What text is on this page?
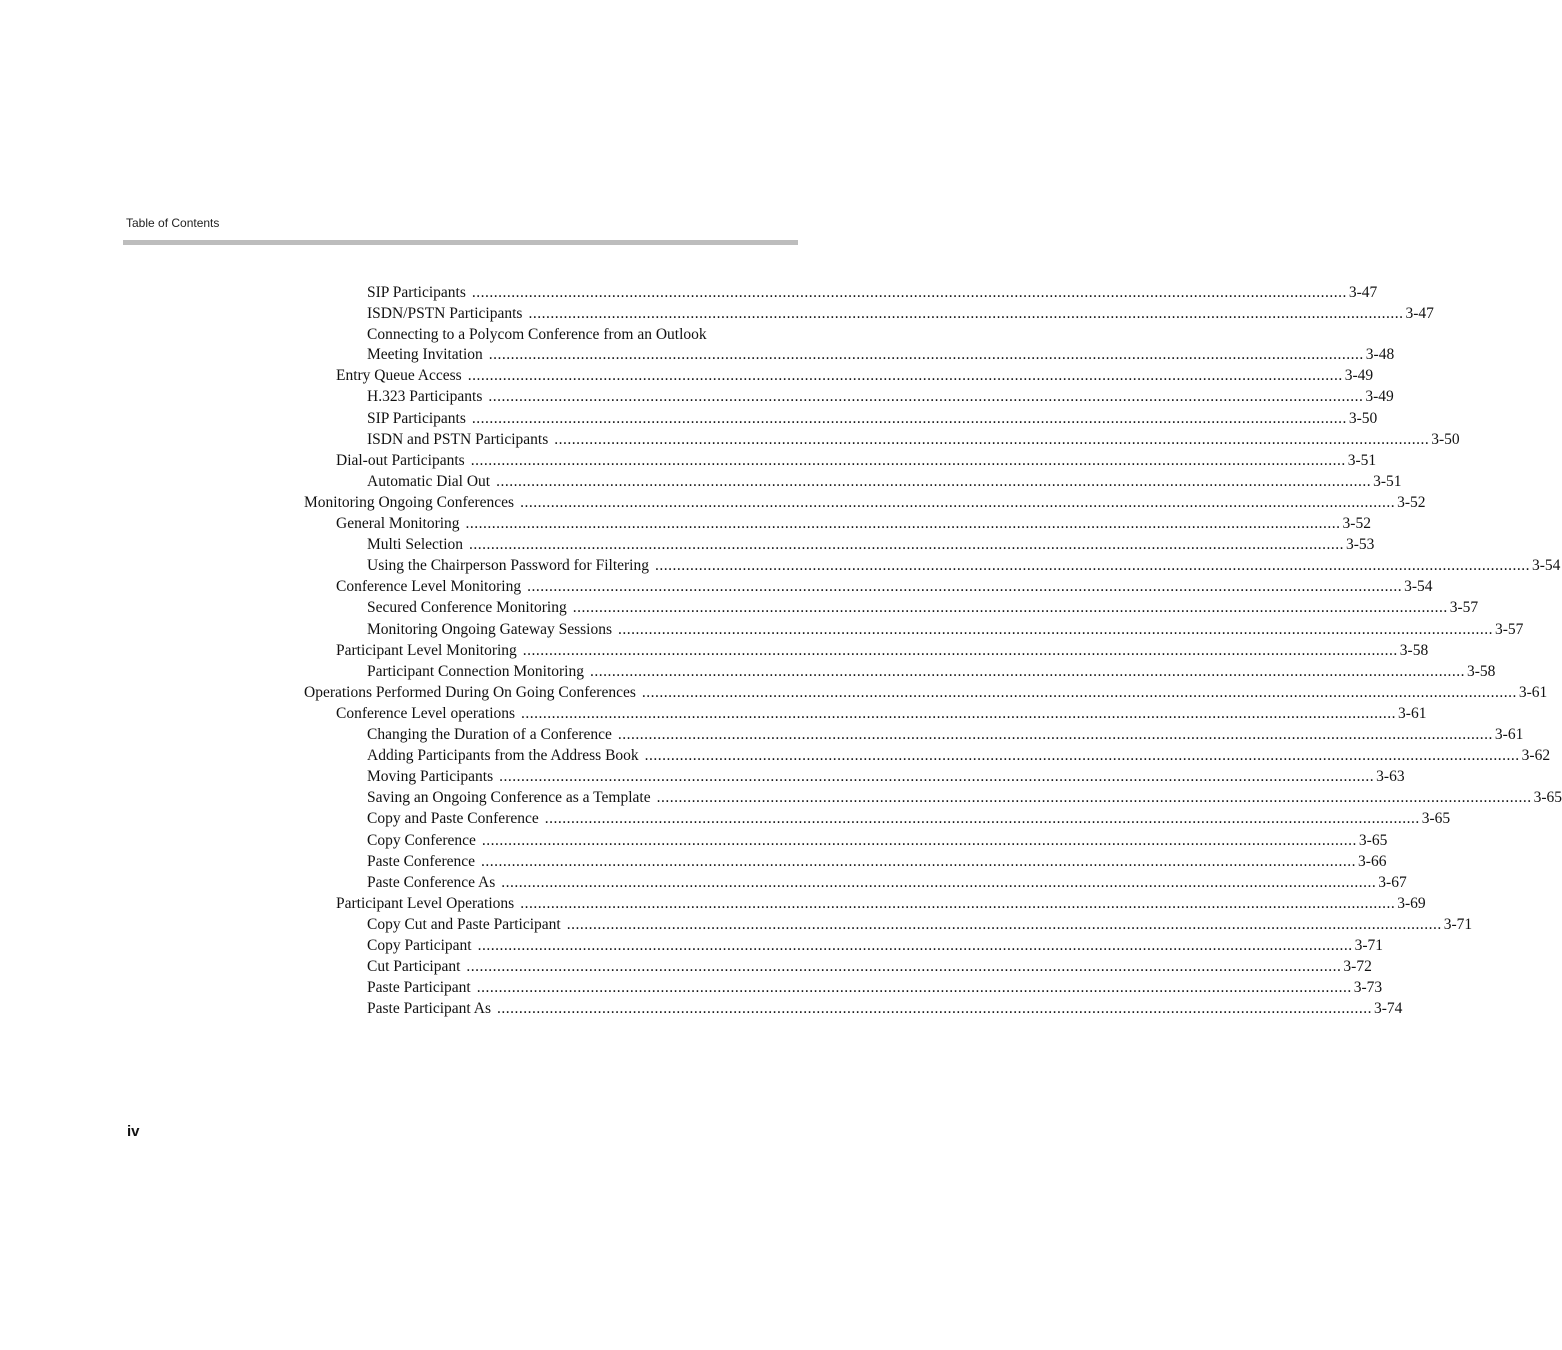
Table of Contents
SIP Participants ........................................................................................................................................................................................................ 3-47
ISDN/PSTN Participants ........................................................................................................................................................................................................ 3-47
Connecting to a Polycom Conference from an Outlook
Meeting Invitation ........................................................................................................................................................................................................ 3-48
Entry Queue Access ........................................................................................................................................................................................................ 3-49
H.323 Participants ........................................................................................................................................................................................................ 3-49
SIP Participants ........................................................................................................................................................................................................ 3-50
ISDN and PSTN Participants ........................................................................................................................................................................................................ 3-50
Dial-out Participants ........................................................................................................................................................................................................ 3-51
Automatic Dial Out ........................................................................................................................................................................................................ 3-51
Monitoring Ongoing Conferences ........................................................................................................................................................................................................ 3-52
General Monitoring ........................................................................................................................................................................................................ 3-52
Multi Selection ........................................................................................................................................................................................................ 3-53
Using the Chairperson Password for Filtering ........................................................................................................................................................................................................ 3-54
Conference Level Monitoring ........................................................................................................................................................................................................ 3-54
Secured Conference Monitoring ........................................................................................................................................................................................................ 3-57
Monitoring Ongoing Gateway Sessions ........................................................................................................................................................................................................ 3-57
Participant Level Monitoring ........................................................................................................................................................................................................ 3-58
Participant Connection Monitoring ........................................................................................................................................................................................................ 3-58
Operations Performed During On Going Conferences ........................................................................................................................................................................................................ 3-61
Conference Level operations ........................................................................................................................................................................................................ 3-61
Changing the Duration of a Conference ........................................................................................................................................................................................................ 3-61
Adding Participants from the Address Book ........................................................................................................................................................................................................ 3-62
Moving Participants ........................................................................................................................................................................................................ 3-63
Saving an Ongoing Conference as a Template ........................................................................................................................................................................................................ 3-65
Copy and Paste Conference ........................................................................................................................................................................................................ 3-65
Copy Conference ........................................................................................................................................................................................................ 3-65
Paste Conference ........................................................................................................................................................................................................ 3-66
Paste Conference As ........................................................................................................................................................................................................ 3-67
Participant Level Operations ........................................................................................................................................................................................................ 3-69
Copy Cut and Paste Participant ........................................................................................................................................................................................................ 3-71
Copy Participant ........................................................................................................................................................................................................ 3-71
Cut Participant ........................................................................................................................................................................................................ 3-72
Paste Participant ........................................................................................................................................................................................................ 3-73
Paste Participant As ........................................................................................................................................................................................................ 3-74
iv
